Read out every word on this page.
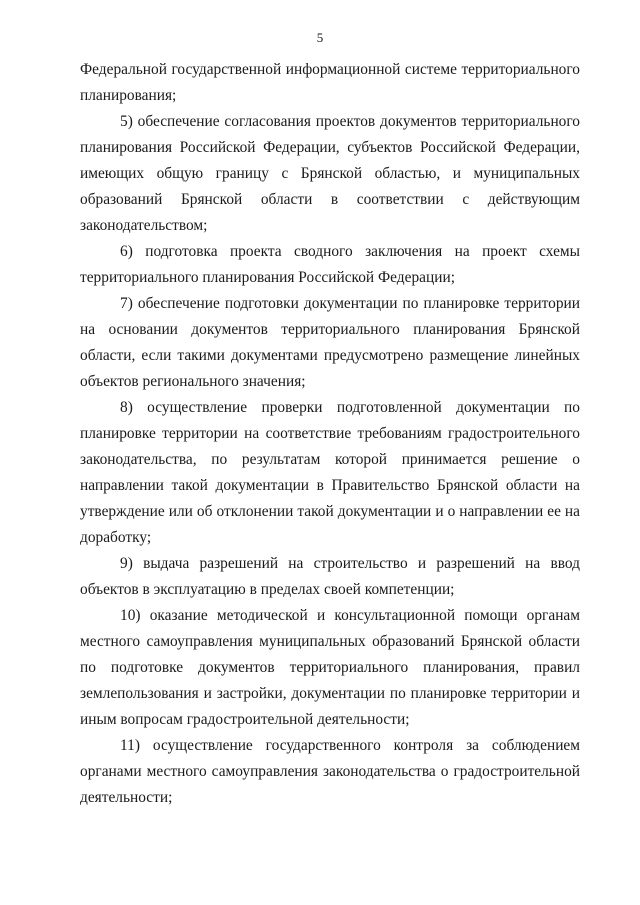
5

Федеральной государственной информационной системе территориального планирования;

5) обеспечение согласования проектов документов территориального планирования Российской Федерации, субъектов Российской Федерации, имеющих общую границу с Брянской областью, и муниципальных образований Брянской области в соответствии с действующим законодательством;

6) подготовка проекта сводного заключения на проект схемы территориального планирования Российской Федерации;

7) обеспечение подготовки документации по планировке территории на основании документов территориального планирования Брянской области, если такими документами предусмотрено размещение линейных объектов регионального значения;

8) осуществление проверки подготовленной документации по планировке территории на соответствие требованиям градостроительного законодательства, по результатам которой принимается решение о направлении такой документации в Правительство Брянской области на утверждение или об отклонении такой документации и о направлении ее на доработку;

9) выдача разрешений на строительство и разрешений на ввод объектов в эксплуатацию в пределах своей компетенции;

10) оказание методической и консультационной помощи органам местного самоуправления муниципальных образований Брянской области по подготовке документов территориального планирования, правил землепользования и застройки, документации по планировке территории и иным вопросам градостроительной деятельности;

11) осуществление государственного контроля за соблюдением органами местного самоуправления законодательства о градостроительной деятельности;
